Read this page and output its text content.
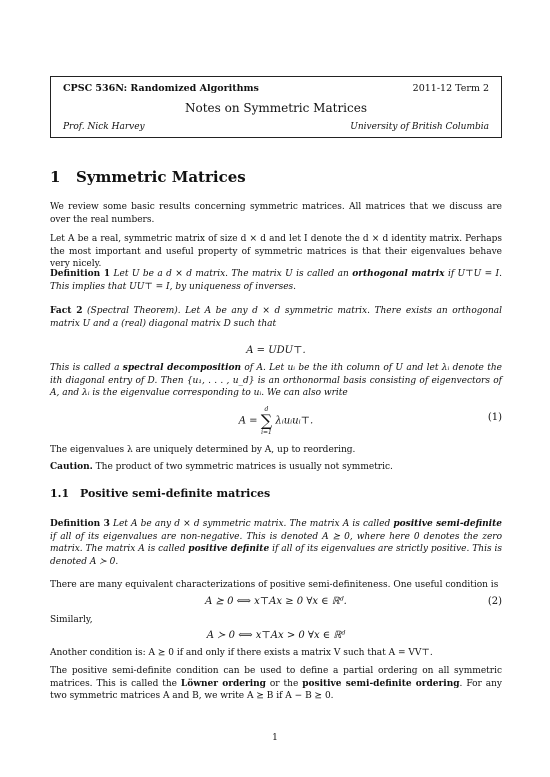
CPSC 536N: Randomized Algorithms	2011-12 Term 2
Notes on Symmetric Matrices
Prof. Nick Harvey	University of British Columbia
1 Symmetric Matrices
We review some basic results concerning symmetric matrices. All matrices that we discuss are over the real numbers.
Let A be a real, symmetric matrix of size d × d and let I denote the d × d identity matrix. Perhaps the most important and useful property of symmetric matrices is that their eigenvalues behave very nicely.
Definition 1 Let U be a d × d matrix. The matrix U is called an orthogonal matrix if U⊤U = I. This implies that UU⊤ = I, by uniqueness of inverses.
Fact 2 (Spectral Theorem). Let A be any d × d symmetric matrix. There exists an orthogonal matrix U and a (real) diagonal matrix D such that
A = UDU⊤.
This is called a spectral decomposition of A. Let uᵢ be the ith column of U and let λᵢ denote the ith diagonal entry of D. Then {u₁, . . . , u_d} is an orthonormal basis consisting of eigenvectors of A, and λᵢ is the eigenvalue corresponding to uᵢ. We can also write
A =
d
∑
i=1
λᵢuᵢuᵢ⊤.	(1)
The eigenvalues λ are uniquely determined by A, up to reordering.
Caution. The product of two symmetric matrices is usually not symmetric.
1.1 Positive semi-definite matrices
Definition 3 Let A be any d × d symmetric matrix. The matrix A is called positive semi-definite if all of its eigenvalues are non-negative. This is denoted A ⪰ 0, where here 0 denotes the zero matrix. The matrix A is called positive definite if all of its eigenvalues are strictly positive. This is denoted A ≻ 0.
There are many equivalent characterizations of positive semi-definiteness. One useful condition is
A ⪰ 0 ⟺ x⊤Ax ≥ 0 ∀x ∈ ℝᵈ.	(2)
Similarly,
A ≻ 0 ⟺ x⊤Ax > 0 ∀x ∈ ℝᵈ
Another condition is: A ⪰ 0 if and only if there exists a matrix V such that A = VV⊤.
The positive semi-definite condition can be used to define a partial ordering on all symmetric matrices. This is called the Löwner ordering or the positive semi-definite ordering. For any two symmetric matrices A and B, we write A ⪰ B if A − B ⪰ 0.
1
